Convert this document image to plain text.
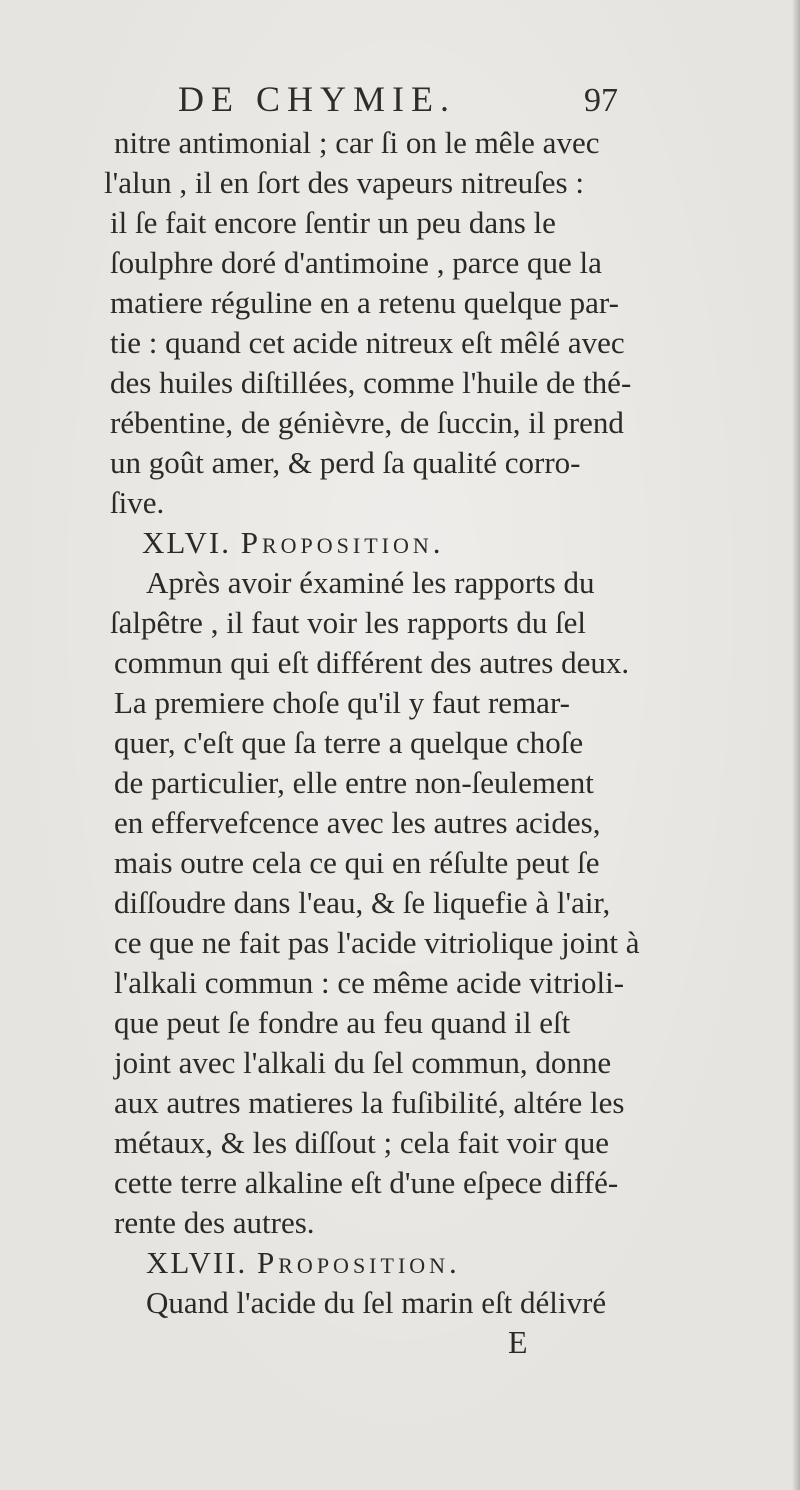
DE CHYMIE.	97
nitre antimonial ; car ſi on le mêle avec
l'alun , il en ſort des vapeurs nitreuſes :
il ſe fait encore ſentir un peu dans le
ſoulphre doré d'antimoine , parce que la
matiere réguline en a retenu quelque par-
tie : quand cet acide nitreux eſt mêlé avec
des huiles diſtillées, comme l'huile de thé-
rébentine, de génièvre, de ſuccin, il prend
un goût amer, & perd ſa qualité corro-
ſive.
XLVI. Proposition.
Après avoir éxaminé les rapports du
ſalpêtre , il faut voir les rapports du ſel
commun qui eſt différent des autres deux.
La premiere choſe qu'il y faut remar-
quer, c'eſt que ſa terre a quelque choſe
de particulier, elle entre non-ſeulement
en effervefcence avec les autres acides,
mais outre cela ce qui en réſulte peut ſe
diſſoudre dans l'eau, & ſe liquefie à l'air,
ce que ne fait pas l'acide vitriolique joint à
l'alkali commun : ce même acide vitrioli-
que peut ſe fondre au feu quand il eſt
joint avec l'alkali du ſel commun, donne
aux autres matieres la fuſibilité, altére les
métaux, & les diſſout ; cela fait voir que
cette terre alkaline eſt d'une eſpece diffé-
rente des autres.
XLVII. Proposition.
Quand l'acide du ſel marin eſt délivré
E
